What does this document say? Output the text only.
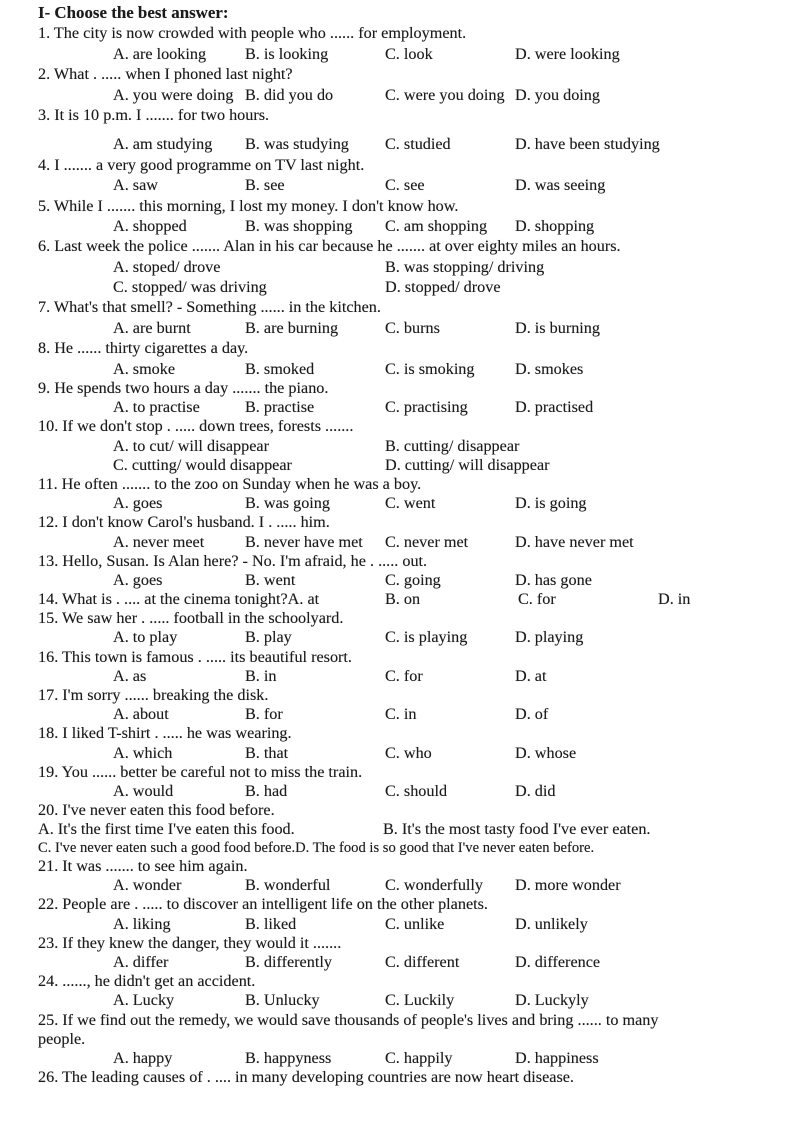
I- Choose the best answer:
1. The city is now crowded with people who ...... for employment.
A. are looking B. is looking	C. look	D. were looking
2. What . ..... when I phoned last night?
A. you were doing B. did you do	C. were you doing D. you doing
3. It is 10 p.m. I ....... for two hours.
A. am studying B. was studying C. studied	D. have been studying
4. I ....... a very good programme on TV last night.
A. saw	B. see	C. see	D. was seeing
5. While I ....... this morning, I lost my money. I don't know how.
A. shopped	B. was shopping C. am shopping D. shopping
6. Last week the police ....... Alan in his car because he ....... at over eighty miles an hours.
A. stoped/ drove	B. was stopping/ driving
C. stopped/ was driving	D. stopped/ drove
7. What's that smell? - Something ...... in the kitchen.
A. are burnt	B. are burning	C. burns	D. is burning
8. He ...... thirty cigarettes a day.
A. smoke	B. smoked	C. is smoking	D. smokes
9. He spends two hours a day ....... the piano.
A. to practise	B. practise	C. practising	D. practised
10. If we don't stop . ..... down trees, forests .......
A. to cut/ will disappear	B. cutting/ disappear
C. cutting/ would disappear	D. cutting/ will disappear
11. He often ....... to the zoo on Sunday when he was a boy.
A. goes	B. was going	C. went	D. is going
12. I don't know Carol's husband. I . ..... him.
A. never meet	B. never have met C. never met	D. have never met
13. Hello, Susan. Is Alan here? - No. I'm afraid, he . ..... out.
A. goes	B. went	C. going	D. has gone
14. What is . .... at the cinema tonight?A. at	B. on	C. for	D. in
15. We saw her . ..... football in the schoolyard.
A. to play	B. play	C. is playing	D. playing
16. This town is famous . ..... its beautiful resort.
A. as	B. in	C. for	D. at
17. I'm sorry ...... breaking the disk.
A. about	B. for	C. in	D. of
18. I liked T-shirt . ..... he was wearing.
A. which	B. that	C. who	D. whose
19. You ...... better be careful not to miss the train.
A. would	B. had	C. should	D. did
20. I've never eaten this food before.
A. It's the first time I've eaten this food.	B. It's the most tasty food I've ever eaten.
C. I've never eaten such a good food before.D. The food is so good that I've never eaten before.
21. It was ....... to see him again.
A. wonder	B. wonderful	C. wonderfully D. more wonder
22. People are . ..... to discover an intelligent life on the other planets.
A. liking	B. liked	C. unlike	D. unlikely
23. If they knew the danger, they would it .......
A. differ	B. differently	C. different	D. difference
24. ......, he didn't get an accident.
A. Lucky	B. Unlucky	C. Luckily	D. Luckyly
25. If we find out the remedy, we would save thousands of people's lives and bring ...... to many
people.
A. happy	B. happyness	C. happily	D. happiness
26. The leading causes of . .... in many developing countries are now heart disease.
